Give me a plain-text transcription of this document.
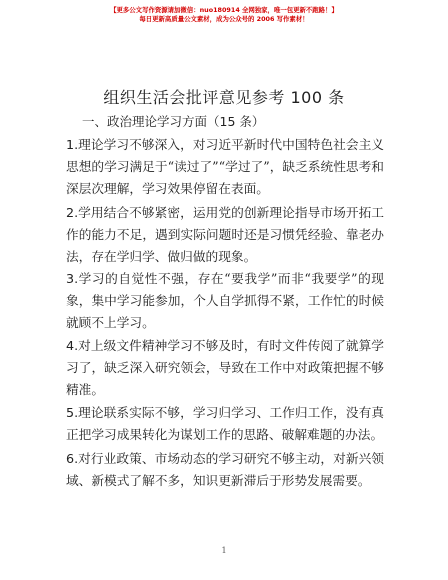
【更多公文写作资源请加微信：nuo180914 全网独家，唯一包更新不跑路！】
每日更新高质量公文素材，成为公众号的 2006 写作素材！
组织生活会批评意见参考 100 条
一、政治理论学习方面（15 条）
1.理论学习不够深入，对习近平新时代中国特色社会主义思想的学习满足于“读过了”“学过了”，缺乏系统性思考和深层次理解，学习效果停留在表面。
2.学用结合不够紧密，运用党的创新理论指导市场开拓工作的能力不足，遇到实际问题时还是习惯凭经验、靠老办法，存在学归学、做归做的现象。
3.学习的自觉性不强，存在“要我学”而非“我要学”的现象，集中学习能参加，个人自学抓得不紧，工作忙的时候就顾不上学习。
4.对上级文件精神学习不够及时，有时文件传阅了就算学习了，缺乏深入研究领会，导致在工作中对政策把握不够精准。
5.理论联系实际不够，学习归学习、工作归工作，没有真正把学习成果转化为谋划工作的思路、破解难题的办法。
6.对行业政策、市场动态的学习研究不够主动，对新兴领域、新模式了解不多，知识更新滞后于形势发展需要。
1
